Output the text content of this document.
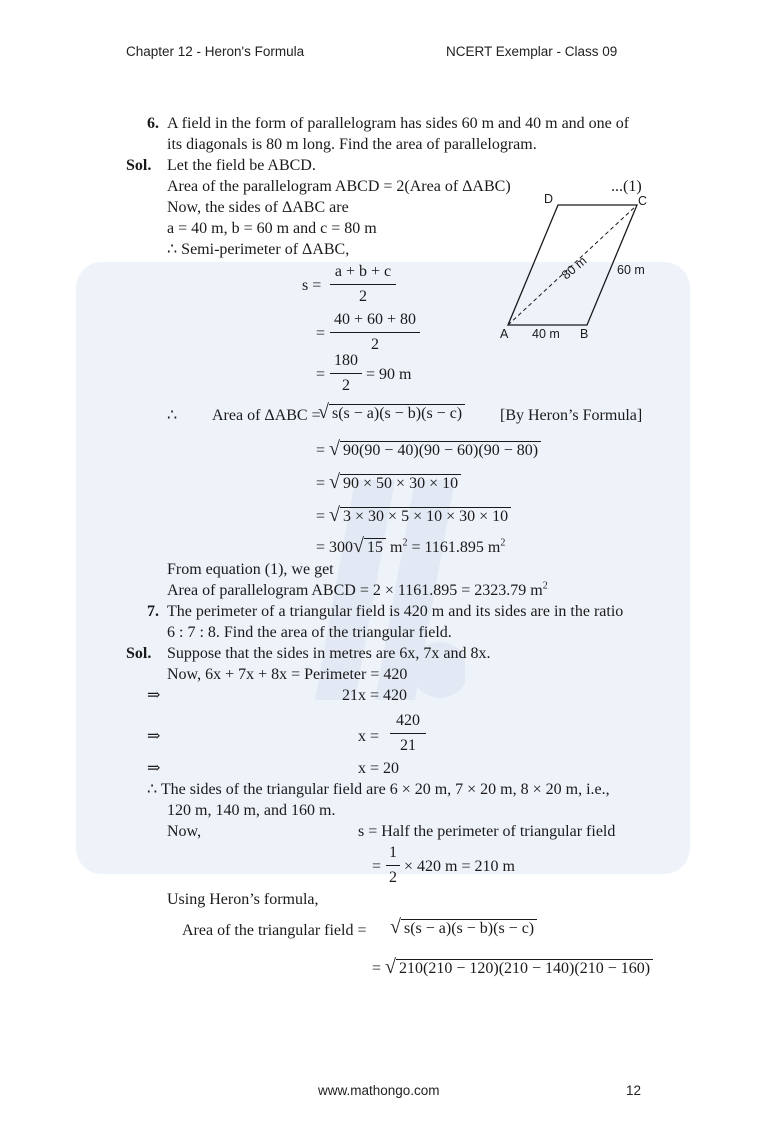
Chapter 12 - Heron's Formula	NCERT Exemplar - Class 09
D	C
A	B
80 m 60 m
40 m
6. A field in the form of parallelogram has sides 60 m and 40 m and one of
its diagonals is 80 m long. Find the area of parallelogram.
Sol. Let the field be ABCD.
Area of the parallelogram ABCD = 2(Area of ΔABC)	...(1)
Now, the sides of ΔABC are
a = 40 m, b = 60 m and c = 80 m
∴ Semi-perimeter of ΔABC,
s =
a + b + c
2
=
40 + 60 + 80
2
=
180
2
= 90 m
∴ Area of ΔABC =
√ s(s − a)(s − b)(s − c) [By Heron’s Formula]
= √ 90(90 − 40)(90 − 60)(90 − 80)
= √ 90 × 50 × 30 × 10
= √ 3 × 30 × 5 × 10 × 30 × 10
= 300√ 15 $m^2 = 1161.895$ $m^2$
From equation (1), we get
Area of parallelogram ABCD = 2 × 1161.895 = 2323.79 $m^2$
7. The perimeter of a triangular field is 420 m and its sides are in the ratio
6 : 7 : 8. Find the area of the triangular field.
Sol. Suppose that the sides in metres are 6x, 7x and 8x.
Now, 6x + 7x + 8x = Perimeter = 420
⇒	21x = 420
⇒	x =
420
21
⇒	x = 20
∴ The sides of the triangular field are 6 × 20 m, 7 × 20 m, 8 × 20 m, i.e.,
120 m, 140 m, and 160 m.
Now,	s = Half the perimeter of triangular field
=
1
2
× 420 m = 210 m
Using Heron’s formula,
Area of the triangular field = √ s(s − a)(s − b)(s − c)
= √ 210(210 − 120)(210 − 140)(210 − 160)
www.mathongo.com	12
